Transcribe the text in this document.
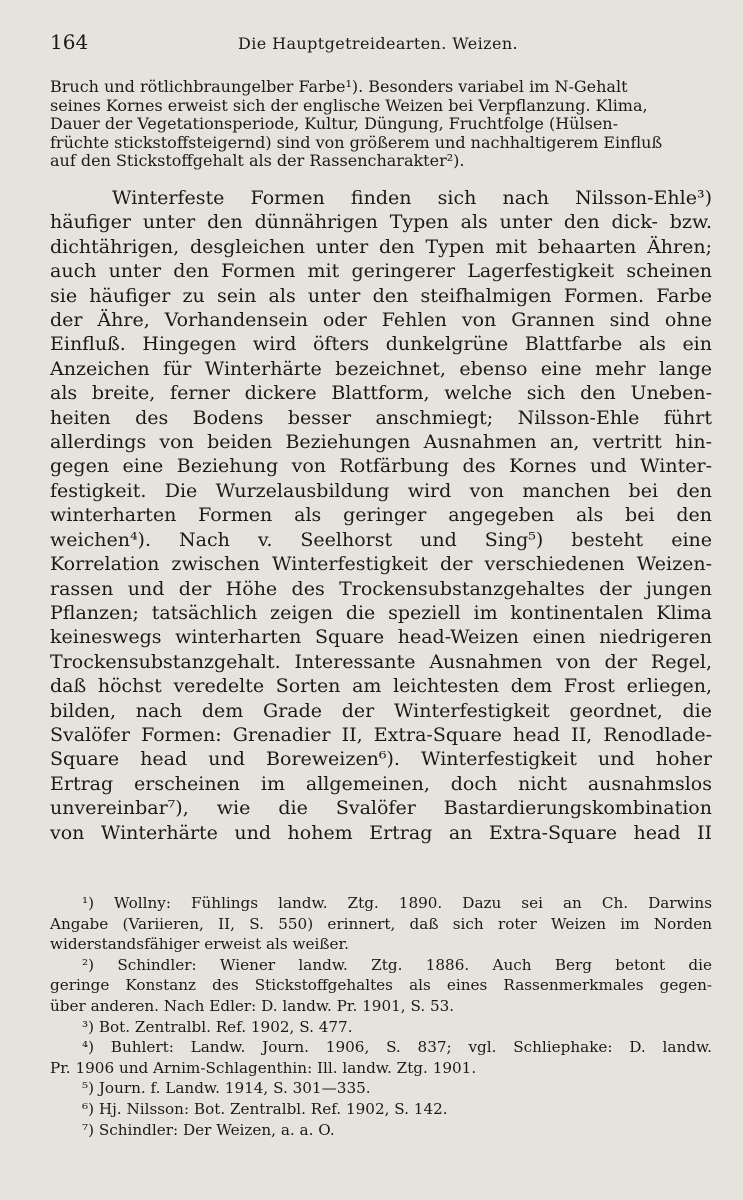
164	Die Hauptgetreidearten. Weizen.
Bruch und rötlichbraungelber Farbe¹). Besonders variabel im N-Gehalt
seines Kornes erweist sich der englische Weizen bei Verpflanzung. Klima,
Dauer der Vegetationsperiode, Kultur, Düngung, Fruchtfolge (Hülsen-
früchte stickstoffsteigernd) sind von größerem und nachhaltigerem Einfluß
auf den Stickstoffgehalt als der Rassencharakter²).
Winterfeste Formen finden sich nach Nilsson-Ehle³)
häufiger unter den dünnährigen Typen als unter den dick- bzw.
dichtährigen, desgleichen unter den Typen mit behaarten Ähren;
auch unter den Formen mit geringerer Lagerfestigkeit scheinen
sie häufiger zu sein als unter den steifhalmigen Formen. Farbe
der Ähre, Vorhandensein oder Fehlen von Grannen sind ohne
Einfluß. Hingegen wird öfters dunkelgrüne Blattfarbe als ein
Anzeichen für Winterhärte bezeichnet, ebenso eine mehr lange
als breite, ferner dickere Blattform, welche sich den Uneben-
heiten des Bodens besser anschmiegt; Nilsson-Ehle führt
allerdings von beiden Beziehungen Ausnahmen an, vertritt hin-
gegen eine Beziehung von Rotfärbung des Kornes und Winter-
festigkeit. Die Wurzelausbildung wird von manchen bei den
winterharten Formen als geringer angegeben als bei den
weichen⁴). Nach v. Seelhorst und Sing⁵) besteht eine
Korrelation zwischen Winterfestigkeit der verschiedenen Weizen-
rassen und der Höhe des Trockensubstanzgehaltes der jungen
Pflanzen; tatsächlich zeigen die speziell im kontinentalen Klima
keineswegs winterharten Square head-Weizen einen niedrigeren
Trockensubstanzgehalt. Interessante Ausnahmen von der Regel,
daß höchst veredelte Sorten am leichtesten dem Frost erliegen,
bilden, nach dem Grade der Winterfestigkeit geordnet, die
Svalöfer Formen: Grenadier II, Extra-Square head II, Renodlade-
Square head und Boreweizen⁶). Winterfestigkeit und hoher
Ertrag erscheinen im allgemeinen, doch nicht ausnahmslos
unvereinbar⁷), wie die Svalöfer Bastardierungskombination
von Winterhärte und hohem Ertrag an Extra-Square head II
¹) Wollny: Fühlings landw. Ztg. 1890. Dazu sei an Ch. Darwins
Angabe (Variieren, II, S. 550) erinnert, daß sich roter Weizen im Norden
widerstandsfähiger erweist als weißer.
²) Schindler: Wiener landw. Ztg. 1886. Auch Berg betont die
geringe Konstanz des Stickstoffgehaltes als eines Rassenmerkmales gegen-
über anderen. Nach Edler: D. landw. Pr. 1901, S. 53.
³) Bot. Zentralbl. Ref. 1902, S. 477.
⁴) Buhlert: Landw. Journ. 1906, S. 837; vgl. Schliephake: D. landw.
Pr. 1906 und Arnim-Schlagenthin: Ill. landw. Ztg. 1901.
⁵) Journ. f. Landw. 1914, S. 301—335.
⁶) Hj. Nilsson: Bot. Zentralbl. Ref. 1902, S. 142.
⁷) Schindler: Der Weizen, a. a. O.
